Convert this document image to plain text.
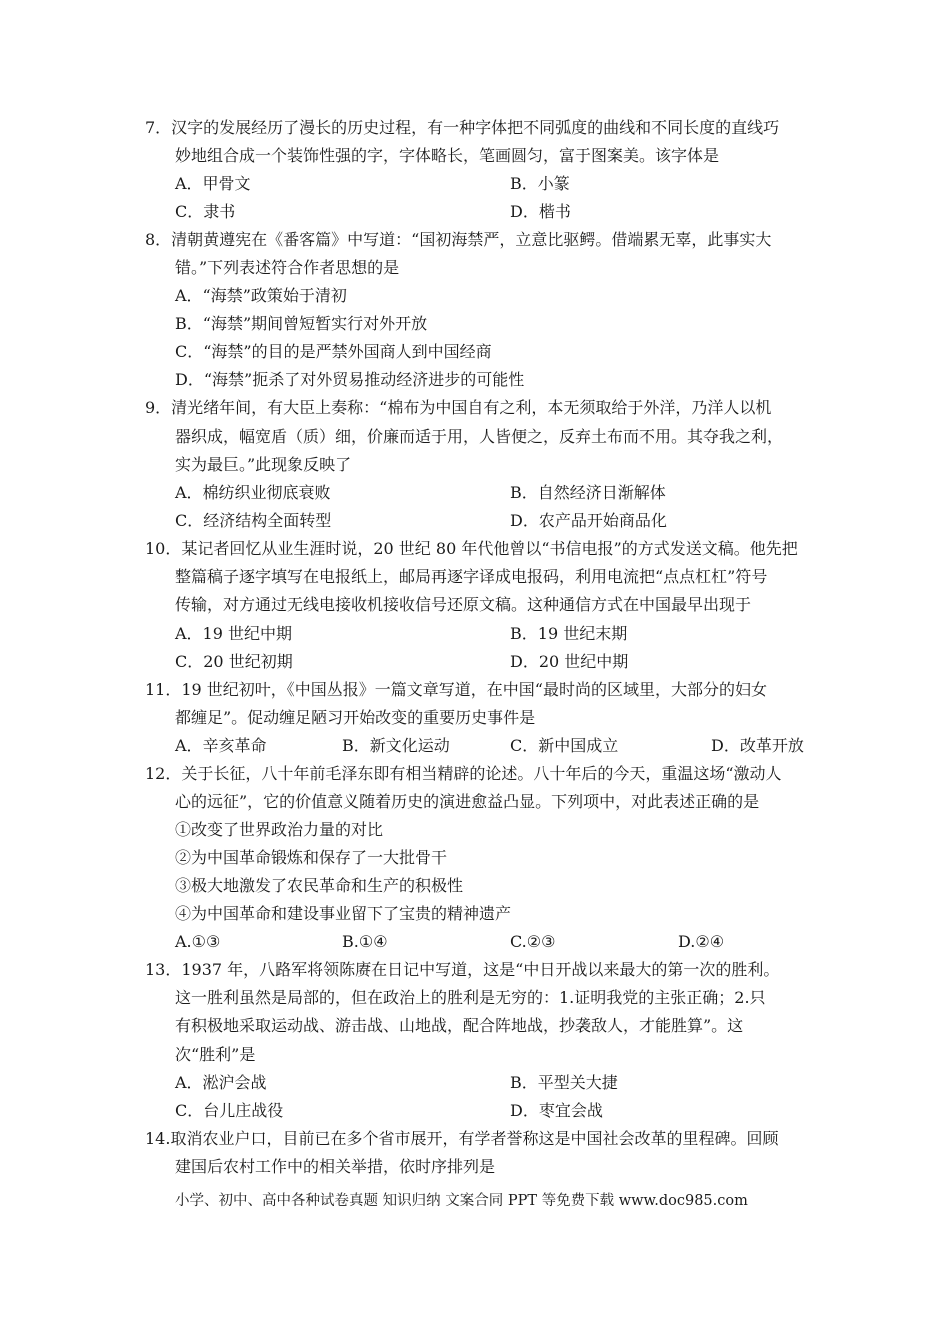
7．汉字的发展经历了漫长的历史过程，有一种字体把不同弧度的曲线和不同长度的直线巧
妙地组合成一个装饰性强的字，字体略长，笔画圆匀，富于图案美。该字体是
A．甲骨文	B．小篆
C．隶书	D．楷书
8．清朝黄遵宪在《番客篇》中写道：“国初海禁严，立意比驱鳄。借端累无辜，此事实大
错。”下列表述符合作者思想的是
A．“海禁”政策始于清初
B．“海禁”期间曾短暂实行对外开放
C．“海禁”的目的是严禁外国商人到中国经商
D．“海禁”扼杀了对外贸易推动经济进步的可能性
9．清光绪年间，有大臣上奏称：“棉布为中国自有之利，本无须取给于外洋，乃洋人以机
器织成，幅宽盾（质）细，价廉而适于用，人皆便之，反弃土布而不用。其夺我之利，
实为最巨。”此现象反映了
A．棉纺织业彻底衰败	B．自然经济日渐解体
C．经济结构全面转型	D．农产品开始商品化
10．某记者回忆从业生涯时说，20 世纪 80 年代他曾以“书信电报”的方式发送文稿。他先把
整篇稿子逐字填写在电报纸上，邮局再逐字译成电报码，利用电流把“点点杠杠”符号
传输，对方通过无线电接收机接收信号还原文稿。这种通信方式在中国最早出现于
A．19 世纪中期	B．19 世纪末期
C．20 世纪初期	D．20 世纪中期
11．19 世纪初叶，《中国丛报》一篇文章写道，在中国“最时尚的区域里，大部分的妇女
都缠足”。促动缠足陋习开始改变的重要历史事件是
A．辛亥革命	B．新文化运动	C．新中国成立	D．改革开放
12．关于长征，八十年前毛泽东即有相当精辟的论述。八十年后的今天，重温这场“激动人
心的远征”，它的价值意义随着历史的演进愈益凸显。下列项中，对此表述正确的是
①改变了世界政治力量的对比
②为中国革命锻炼和保存了一大批骨干
③极大地激发了农民革命和生产的积极性
④为中国革命和建设事业留下了宝贵的精神遗产
A.①③	B.①④	C.②③	D.②④
13．1937 年，八路军将领陈赓在日记中写道，这是“中日开战以来最大的第一次的胜利。
这一胜利虽然是局部的，但在政治上的胜利是无穷的：1.证明我党的主张正确；2.只
有积极地采取运动战、游击战、山地战，配合阵地战，抄袭敌人，才能胜算”。这
次“胜利”是
A．淞沪会战	B．平型关大捷
C．台儿庄战役	D．枣宜会战
14.取消农业户口，目前已在多个省市展开，有学者誉称这是中国社会改革的里程碑。回顾
建国后农村工作中的相关举措，依时序排列是
小学、初中、高中各种试卷真题 知识归纳 文案合同 PPT 等免费下载 www.doc985.com
